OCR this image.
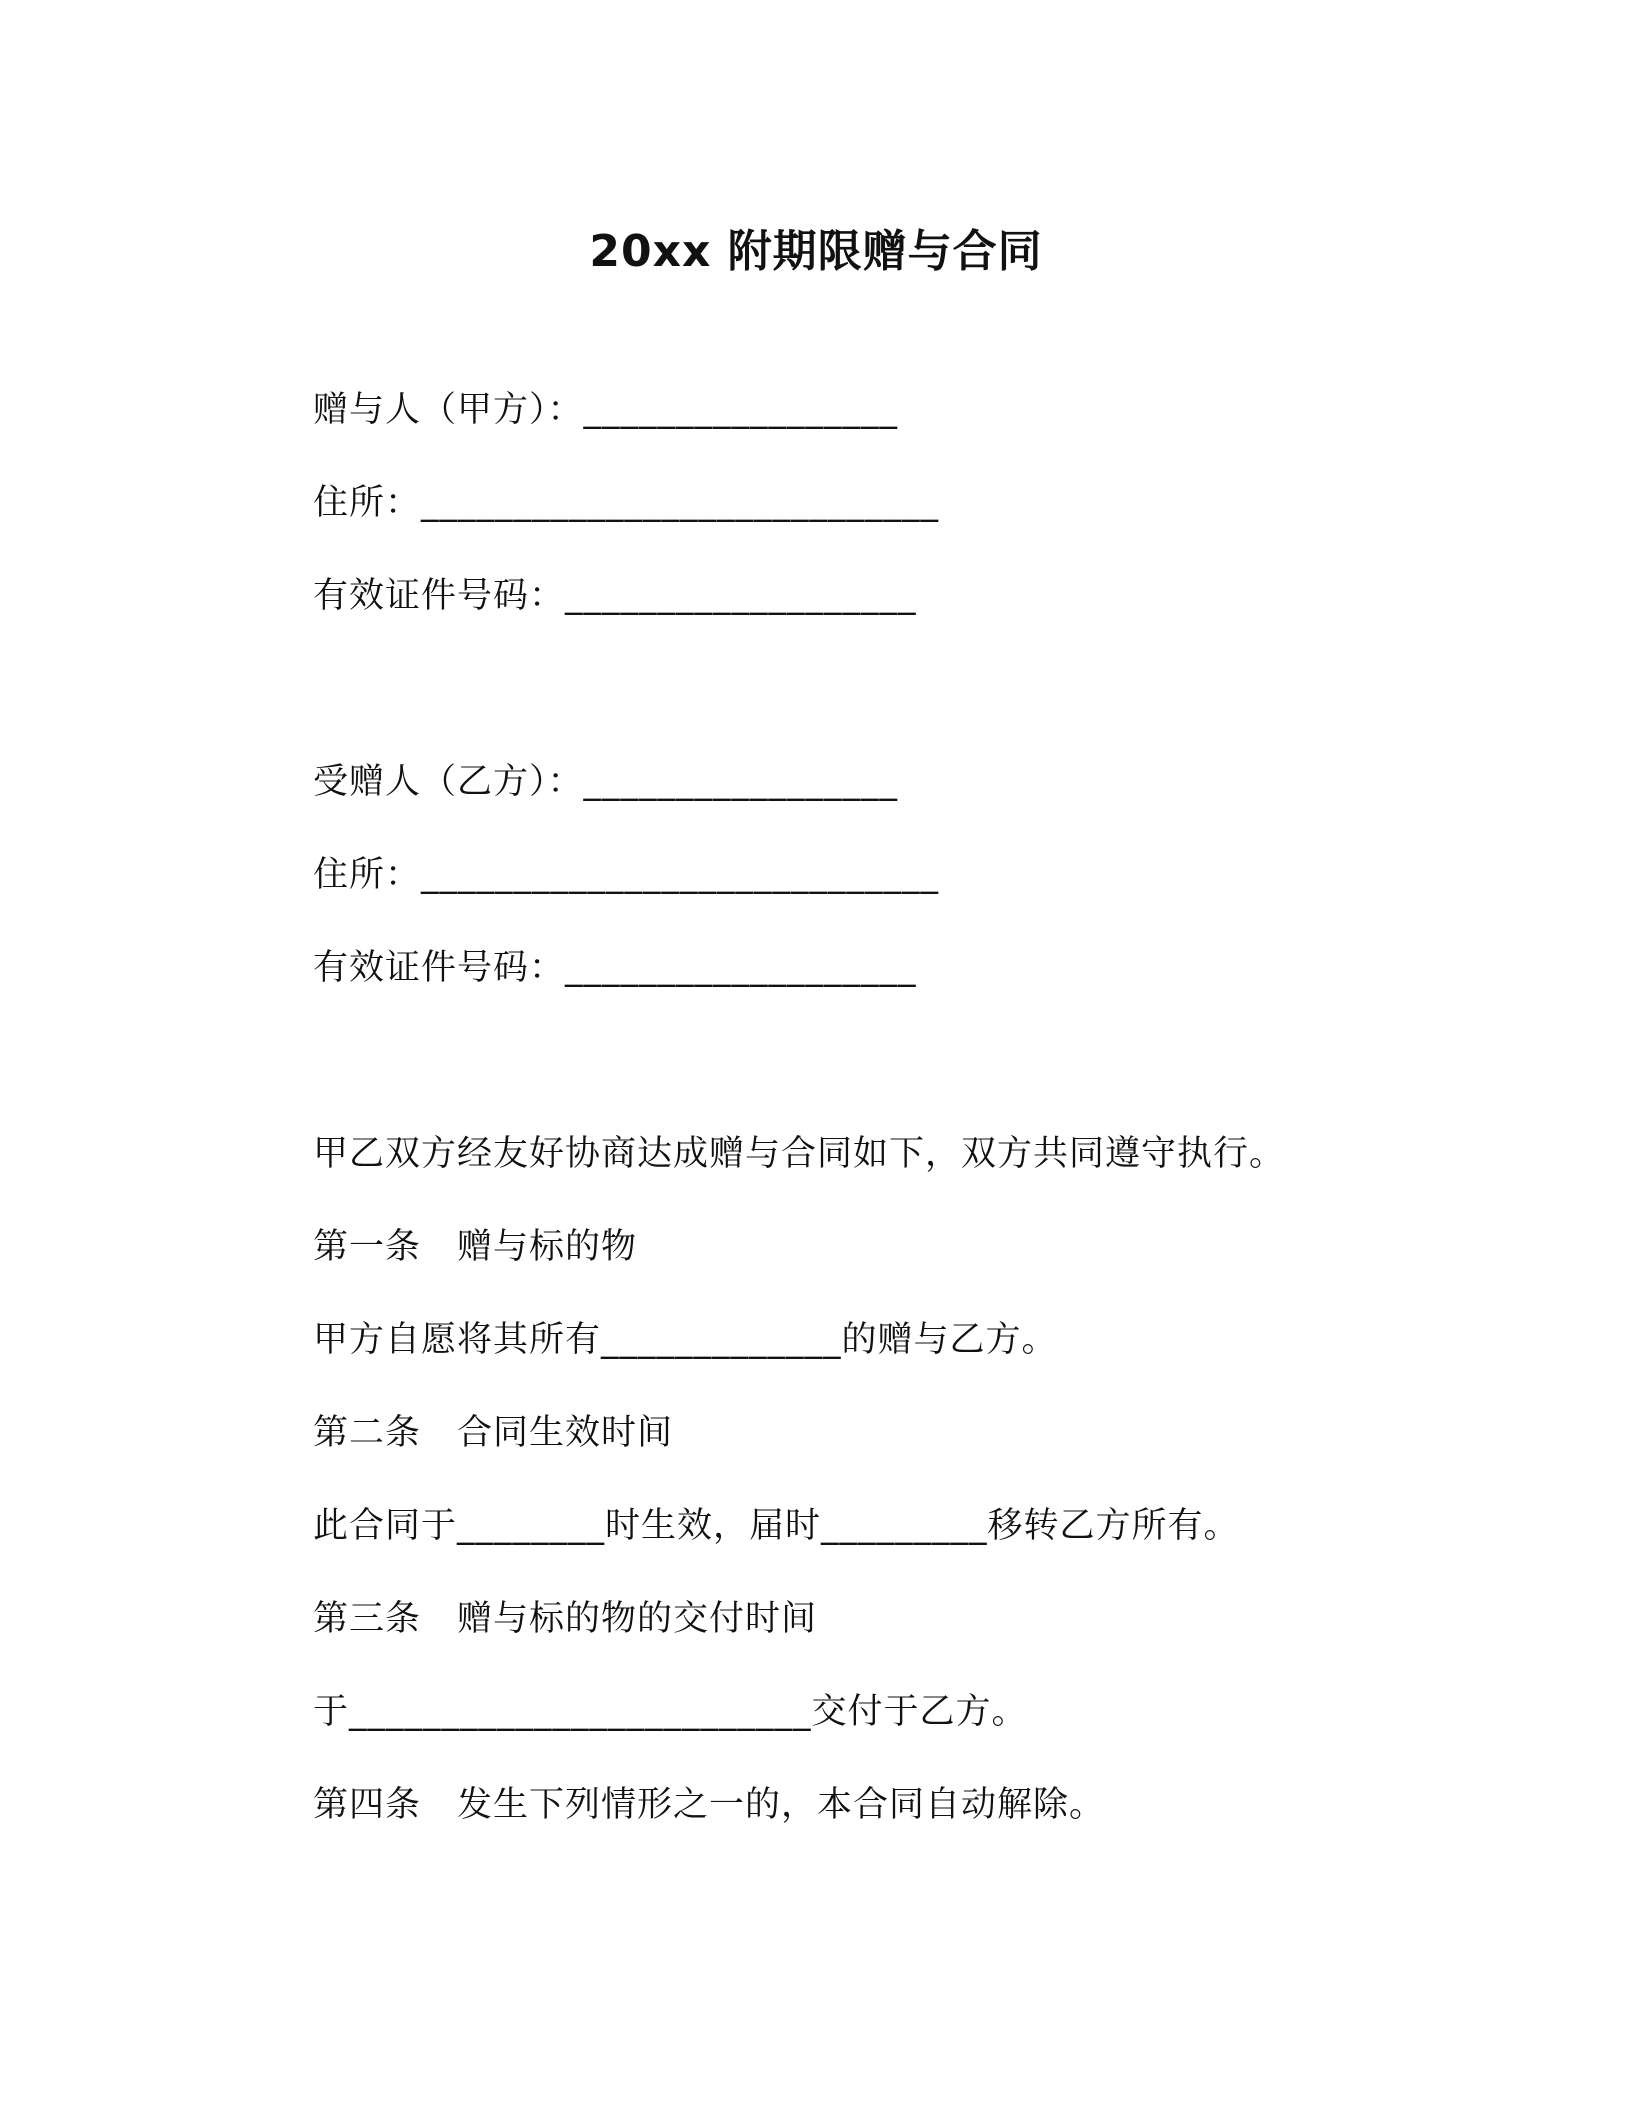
20xx 附期限赠与合同
赠与人（甲方）：_________________
住所：____________________________
有效证件号码：___________________
受赠人（乙方）：_________________
住所：____________________________
有效证件号码：___________________
甲乙双方经友好协商达成赠与合同如下，双方共同遵守执行。
第一条　赠与标的物
甲方自愿将其所有_____________的赠与乙方。
第二条　合同生效时间
此合同于________时生效，届时_________移转乙方所有。
第三条　赠与标的物的交付时间
于_________________________交付于乙方。
第四条　发生下列情形之一的，本合同自动解除。
